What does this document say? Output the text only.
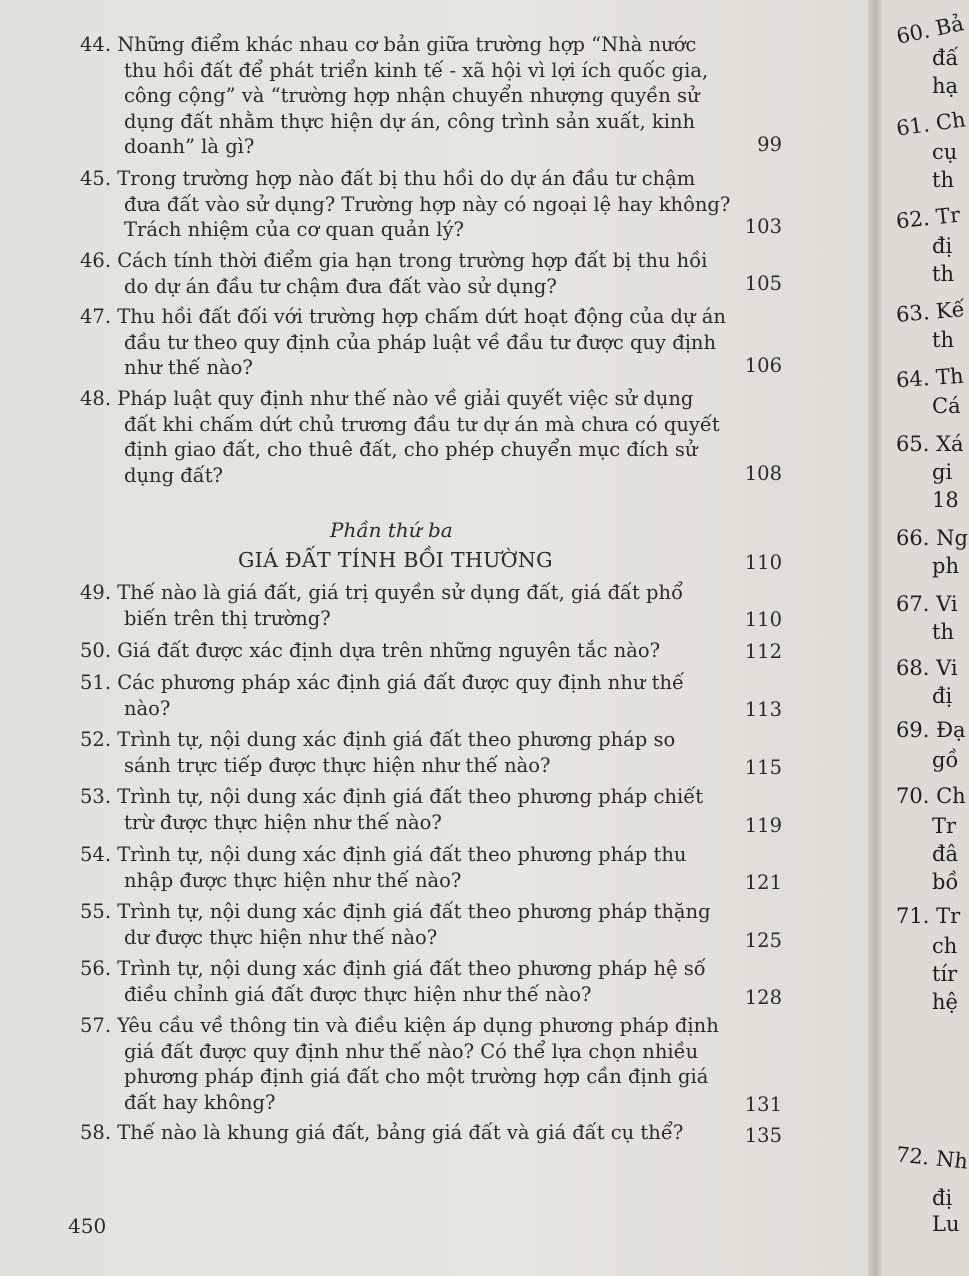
44. Những điểm khác nhau cơ bản giữa trường hợp “Nhà nước
thu hồi đất để phát triển kinh tế - xã hội vì lợi ích quốc gia,
công cộng” và “trường hợp nhận chuyển nhượng quyền sử
dụng đất nhằm thực hiện dự án, công trình sản xuất, kinh
doanh” là gì?	99
45. Trong trường hợp nào đất bị thu hồi do dự án đầu tư chậm
đưa đất vào sử dụng? Trường hợp này có ngoại lệ hay không?
Trách nhiệm của cơ quan quản lý?	103
46. Cách tính thời điểm gia hạn trong trường hợp đất bị thu hồi
do dự án đầu tư chậm đưa đất vào sử dụng?	105
47. Thu hồi đất đối với trường hợp chấm dứt hoạt động của dự án
đầu tư theo quy định của pháp luật về đầu tư được quy định
như thế nào?	106
48. Pháp luật quy định như thế nào về giải quyết việc sử dụng
đất khi chấm dứt chủ trương đầu tư dự án mà chưa có quyết
định giao đất, cho thuê đất, cho phép chuyển mục đích sử
dụng đất?	108
Phần thứ ba
GIÁ ĐẤT TÍNH BỒI THƯỜNG	110
49. Thế nào là giá đất, giá trị quyền sử dụng đất, giá đất phổ
biến trên thị trường?	110
50. Giá đất được xác định dựa trên những nguyên tắc nào?	112
51. Các phương pháp xác định giá đất được quy định như thế
nào?	113
52. Trình tự, nội dung xác định giá đất theo phương pháp so
sánh trực tiếp được thực hiện như thế nào?	115
53. Trình tự, nội dung xác định giá đất theo phương pháp chiết
trừ được thực hiện như thế nào?	119
54. Trình tự, nội dung xác định giá đất theo phương pháp thu
nhập được thực hiện như thế nào?	121
55. Trình tự, nội dung xác định giá đất theo phương pháp thặng
dư được thực hiện như thế nào?	125
56. Trình tự, nội dung xác định giá đất theo phương pháp hệ số
điều chỉnh giá đất được thực hiện như thế nào?	128
57. Yêu cầu về thông tin và điều kiện áp dụng phương pháp định
giá đất được quy định như thế nào? Có thể lựa chọn nhiều
phương pháp định giá đất cho một trường hợp cần định giá
đất hay không?	131
58. Thế nào là khung giá đất, bảng giá đất và giá đất cụ thể?	135
450
60. Bả
đấ
hạ
61. Ch
cụ
th
62. Tr
đị
th
63. Kế
th
64. Th
Cá
65. Xá
gi
18
66. Ng
ph
67. Vi
th
68. Vi
đị
69. Đạ
gồ
70. Ch
Tr
đâ
bồ
71. Tr
ch
tír
hệ
72. Nh
đị
Lu
